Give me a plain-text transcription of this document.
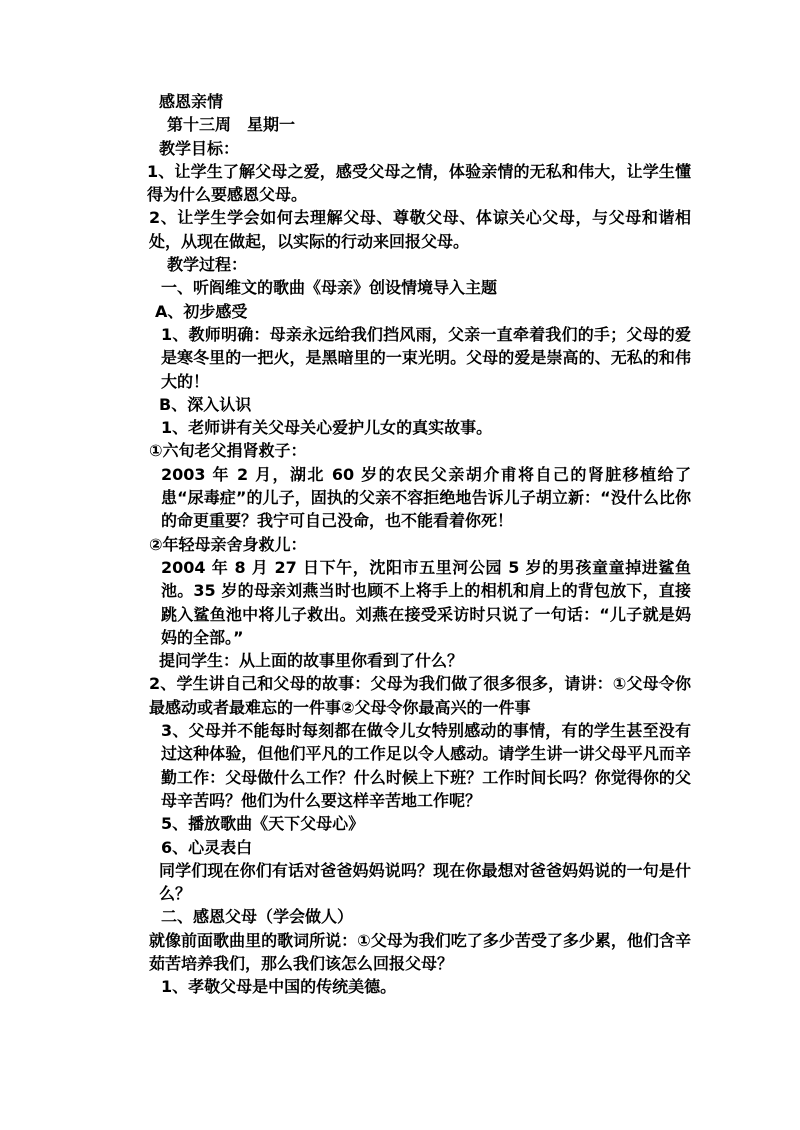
感恩亲情

第十三周　星期一

教学目标：

1、让学生了解父母之爱，感受父母之情，体验亲情的无私和伟大，让学生懂得为什么要感恩父母。

2、让学生学会如何去理解父母、尊敬父母、体谅关心父母，与父母和谐相处，从现在做起，以实际的行动来回报父母。

教学过程：

一、听阎维文的歌曲《母亲》创设情境导入主题

A、初步感受

1、教师明确：母亲永远给我们挡风雨，父亲一直牵着我们的手；父母的爱是寒冬里的一把火，是黑暗里的一束光明。父母的爱是崇高的、无私的和伟大的！

B、深入认识

1、老师讲有关父母关心爱护儿女的真实故事。

①六旬老父捐肾救子：

2003 年 2 月，湖北 60 岁的农民父亲胡介甫将自己的肾脏移植给了患“尿毒症”的儿子，固执的父亲不容拒绝地告诉儿子胡立新：“没什么比你的命更重要？我宁可自己没命，也不能看着你死！

②年轻母亲舍身救儿：

2004 年 8 月 27 日下午，沈阳市五里河公园 5 岁的男孩童童掉进鲨鱼池。35 岁的母亲刘燕当时也顾不上将手上的相机和肩上的背包放下，直接跳入鲨鱼池中将儿子救出。刘燕在接受采访时只说了一句话：“儿子就是妈妈的全部。”

提问学生：从上面的故事里你看到了什么？

2、学生讲自己和父母的故事：父母为我们做了很多很多，请讲：①父母令你最感动或者最难忘的一件事②父母令你最高兴的一件事

3、父母并不能每时每刻都在做令儿女特别感动的事情，有的学生甚至没有过这种体验，但他们平凡的工作足以令人感动。请学生讲一讲父母平凡而辛勤工作：父母做什么工作？什么时候上下班？工作时间长吗？你觉得你的父母辛苦吗？他们为什么要这样辛苦地工作呢？

5、播放歌曲《天下父母心》

6、心灵表白

同学们现在你们有话对爸爸妈妈说吗？现在你最想对爸爸妈妈说的一句是什么？

二、感恩父母（学会做人）

就像前面歌曲里的歌词所说：①父母为我们吃了多少苦受了多少累，他们含辛茹苦培养我们，那么我们该怎么回报父母？

1、孝敬父母是中国的传统美德。
